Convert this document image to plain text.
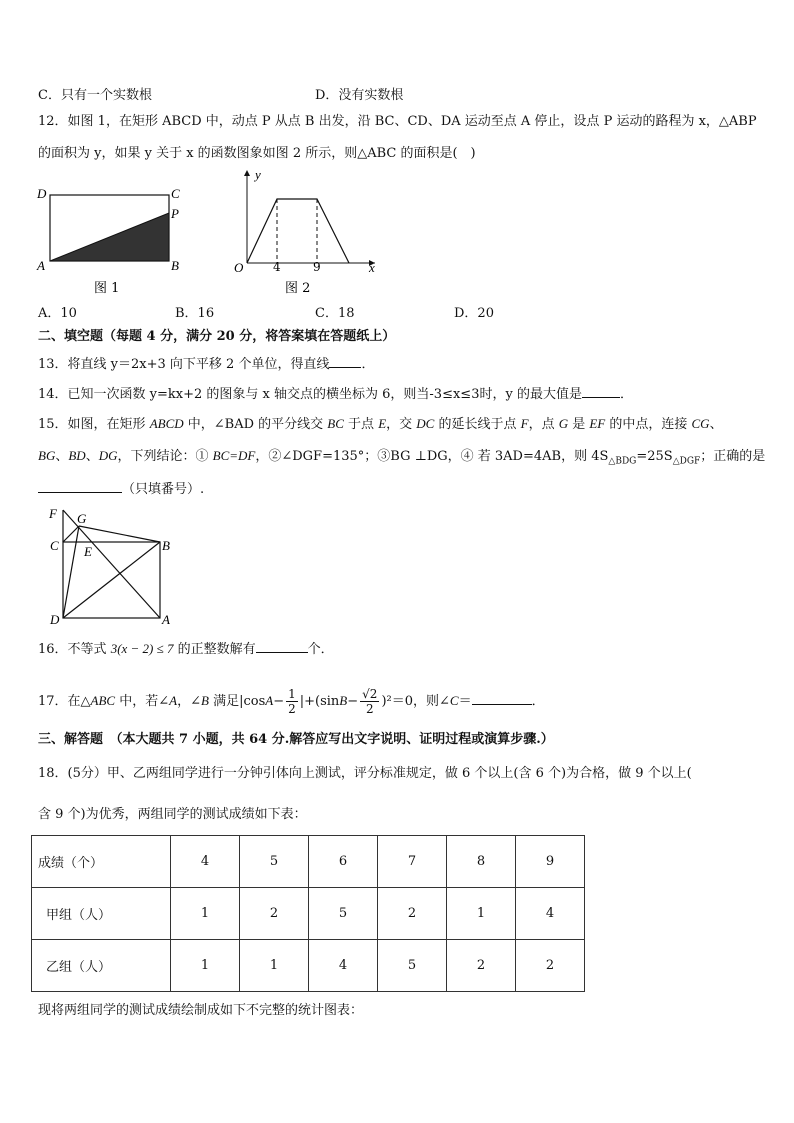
C．只有一个实数根	D．没有实数根
12．如图 1，在矩形 ABCD 中，动点 P 从点 B 出发，沿 BC、CD、DA 运动至点 A 停止，设点 P 运动的路程为 x，△ABP
的面积为 y，如果 y 关于 x 的函数图象如图 2 所示，则△ABC 的面积是(　)
D	C
P
A	B
图 1
y
x
O 4	9
图 2
A．10	B．16	C．18	D．20
二、填空题（每题 4 分，满分 20 分，将答案填在答题纸上）
13．将直线 y＝2x+3 向下平移 2 个单位，得直线 ．
14．已知一次函数 y=kx+2 的图象与 x 轴交点的横坐标为 6，则当-3≤x≤3时，y 的最大值是	．
15．如图，在矩形 ABCD 中，∠BAD 的平分线交 BC 于点 E，交 DC 的延长线于点 F，点 G 是 EF 的中点，连接 CG、
BG、BD、DG，下列结论：① BC=DF，②∠DGF=135°；③BG ⊥DG，④ 若 3AD=4AB，则 $4S_{\triangle BDG}=25S_{\triangle DGF}$；正确的是
（只填番号）.
F G
C E	B
D	A
16．不等式 3(x − 2) ≤ 7 的正整数解有	个．
17．在△ABC 中，若∠A，∠B 满足$|\cos A- \frac{1}{2} |+(\sin B- \frac{√2}{2} )^2=0$，则∠C＝	．
三、解答题　（本大题共 7 小题，共 64 分.解答应写出文字说明、证明过程或演算步骤.）
18．(5分）甲、乙两组同学进行一分钟引体向上测试，评分标准规定，做 6 个以上(含 6 个)为合格，做 9 个以上(
含 9 个)为优秀，两组同学的测试成绩如下表：
成绩（个）	4	5	6	7	8	9
甲组（人）	1	2	5	2	1	4
乙组（人）	1	1	4	5	2	2
现将两组同学的测试成绩绘制成如下不完整的统计图表：
